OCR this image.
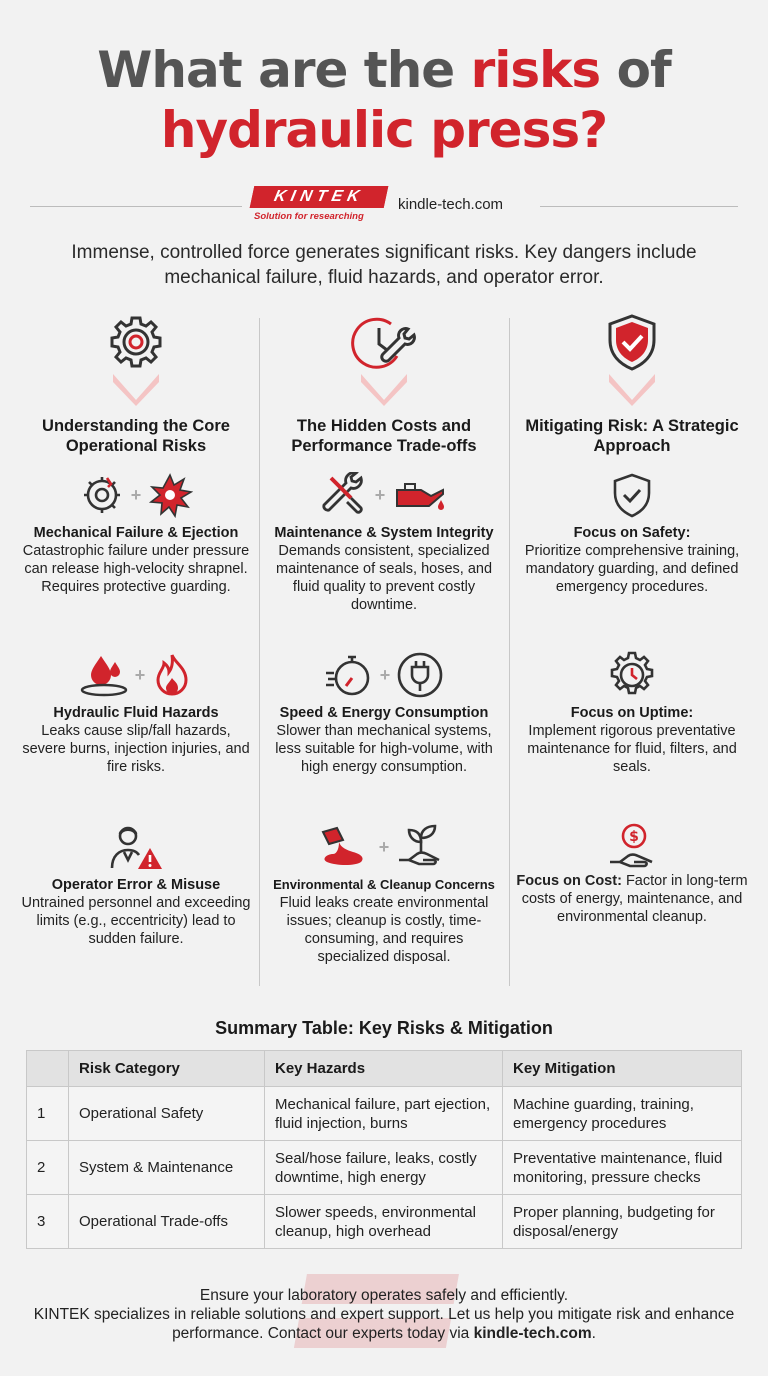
What are the risks of
hydraulic press?
KINTEK
Solution for researching
kindle-tech.com
Immense, controlled force generates significant risks. Key dangers include mechanical failure, fluid hazards, and operator error.
Understanding the Core Operational Risks
+
Mechanical Failure & Ejection
Catastrophic failure under pressure can release high-velocity shrapnel. Requires protective guarding.
+
Hydraulic Fluid Hazards
Leaks cause slip/fall hazards, severe burns, injection injuries, and fire risks.
Operator Error & Misuse
Untrained personnel and exceeding limits (e.g., eccentricity) lead to sudden failure.
The Hidden Costs and Performance Trade-offs
+
Maintenance & System Integrity
Demands consistent, specialized maintenance of seals, hoses, and fluid quality to prevent costly downtime.
+
Speed & Energy Consumption
Slower than mechanical systems, less suitable for high-volume, with high energy consumption.
+
Environmental & Cleanup Concerns
Fluid leaks create environmental issues; cleanup is costly, time-consuming, and requires specialized disposal.
Mitigating Risk: A Strategic Approach
Focus on Safety:
Prioritize comprehensive training, mandatory guarding, and defined emergency procedures.
Focus on Uptime:
Implement rigorous preventative maintenance for fluid, filters, and seals.
$
Focus on Cost: Factor in long-term costs of energy, maintenance, and environmental cleanup.
Summary Table: Key Risks & Mitigation
	Risk Category	Key Hazards	Key Mitigation
1	Operational Safety	Mechanical failure, part ejection, fluid injection, burns	Machine guarding, training, emergency procedures
2	System & Maintenance	Seal/hose failure, leaks, costly downtime, high energy	Preventative maintenance, fluid monitoring, pressure checks
3	Operational Trade-offs	Slower speeds, environmental cleanup, high overhead	Proper planning, budgeting for disposal/energy
Ensure your laboratory operates safely and efficiently.
KINTEK specializes in reliable solutions and expert support. Let us help you mitigate risk and enhance performance. Contact our experts today via kindle-tech.com.
